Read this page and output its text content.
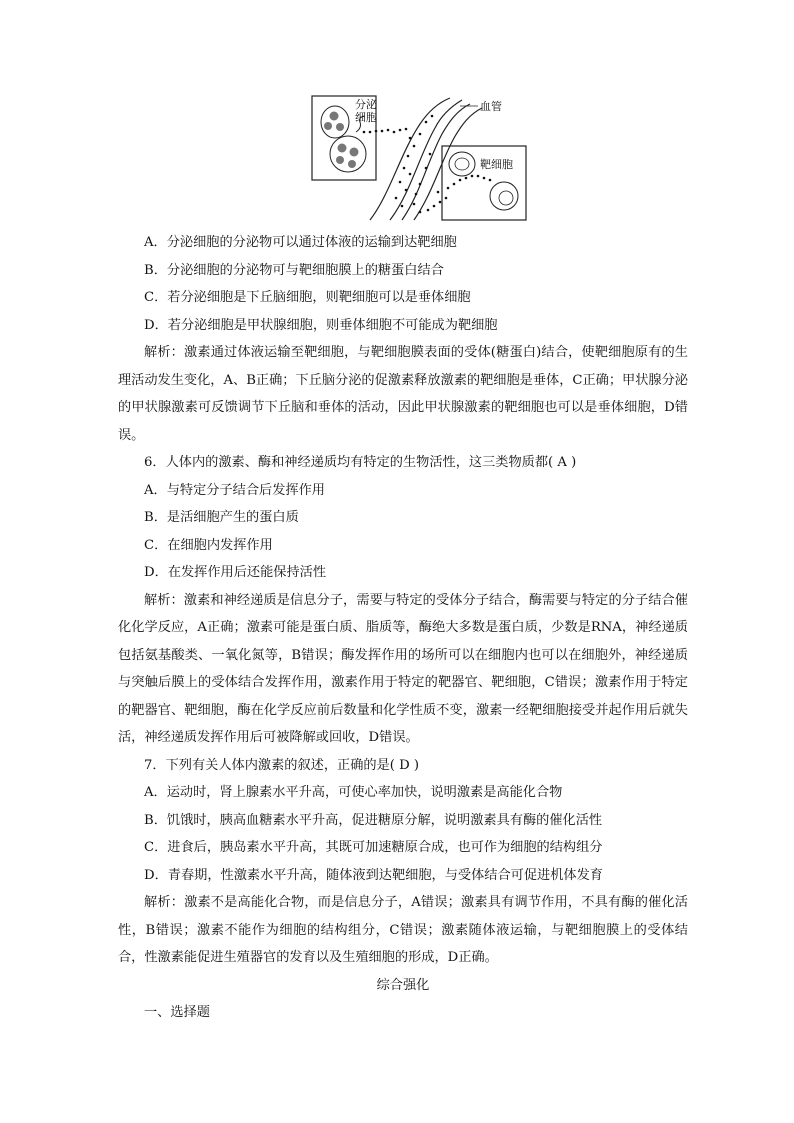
分泌
细胞
血管
靶细胞
A．分泌细胞的分泌物可以通过体液的运输到达靶细胞
B．分泌细胞的分泌物可与靶细胞膜上的糖蛋白结合
C．若分泌细胞是下丘脑细胞，则靶细胞可以是垂体细胞
D．若分泌细胞是甲状腺细胞，则垂体细胞不可能成为靶细胞
解析：激素通过体液运输至靶细胞，与靶细胞膜表面的受体(糖蛋白)结合，使靶细胞原有的生理活动发生变化，A、B正确；下丘脑分泌的促激素释放激素的靶细胞是垂体，C正确；甲状腺分泌的甲状腺激素可反馈调节下丘脑和垂体的活动，因此甲状腺激素的靶细胞也可以是垂体细胞，D错误。
6．人体内的激素、酶和神经递质均有特定的生物活性，这三类物质都( A )
A．与特定分子结合后发挥作用
B．是活细胞产生的蛋白质
C．在细胞内发挥作用
D．在发挥作用后还能保持活性
解析：激素和神经递质是信息分子，需要与特定的受体分子结合，酶需要与特定的分子结合催化化学反应，A正确；激素可能是蛋白质、脂质等，酶绝大多数是蛋白质，少数是RNA，神经递质包括氨基酸类、一氧化氮等，B错误；酶发挥作用的场所可以在细胞内也可以在细胞外，神经递质与突触后膜上的受体结合发挥作用，激素作用于特定的靶器官、靶细胞，C错误；激素作用于特定的靶器官、靶细胞，酶在化学反应前后数量和化学性质不变，激素一经靶细胞接受并起作用后就失活，神经递质发挥作用后可被降解或回收，D错误。
7．下列有关人体内激素的叙述，正确的是( D )
A．运动时，肾上腺素水平升高，可使心率加快，说明激素是高能化合物
B．饥饿时，胰高血糖素水平升高，促进糖原分解，说明激素具有酶的催化活性
C．进食后，胰岛素水平升高，其既可加速糖原合成，也可作为细胞的结构组分
D．青春期，性激素水平升高，随体液到达靶细胞，与受体结合可促进机体发育
解析：激素不是高能化合物，而是信息分子，A错误；激素具有调节作用，不具有酶的催化活性，B错误；激素不能作为细胞的结构组分，C错误；激素随体液运输，与靶细胞膜上的受体结合，性激素能促进生殖器官的发育以及生殖细胞的形成，D正确。
综合强化
一、选择题
